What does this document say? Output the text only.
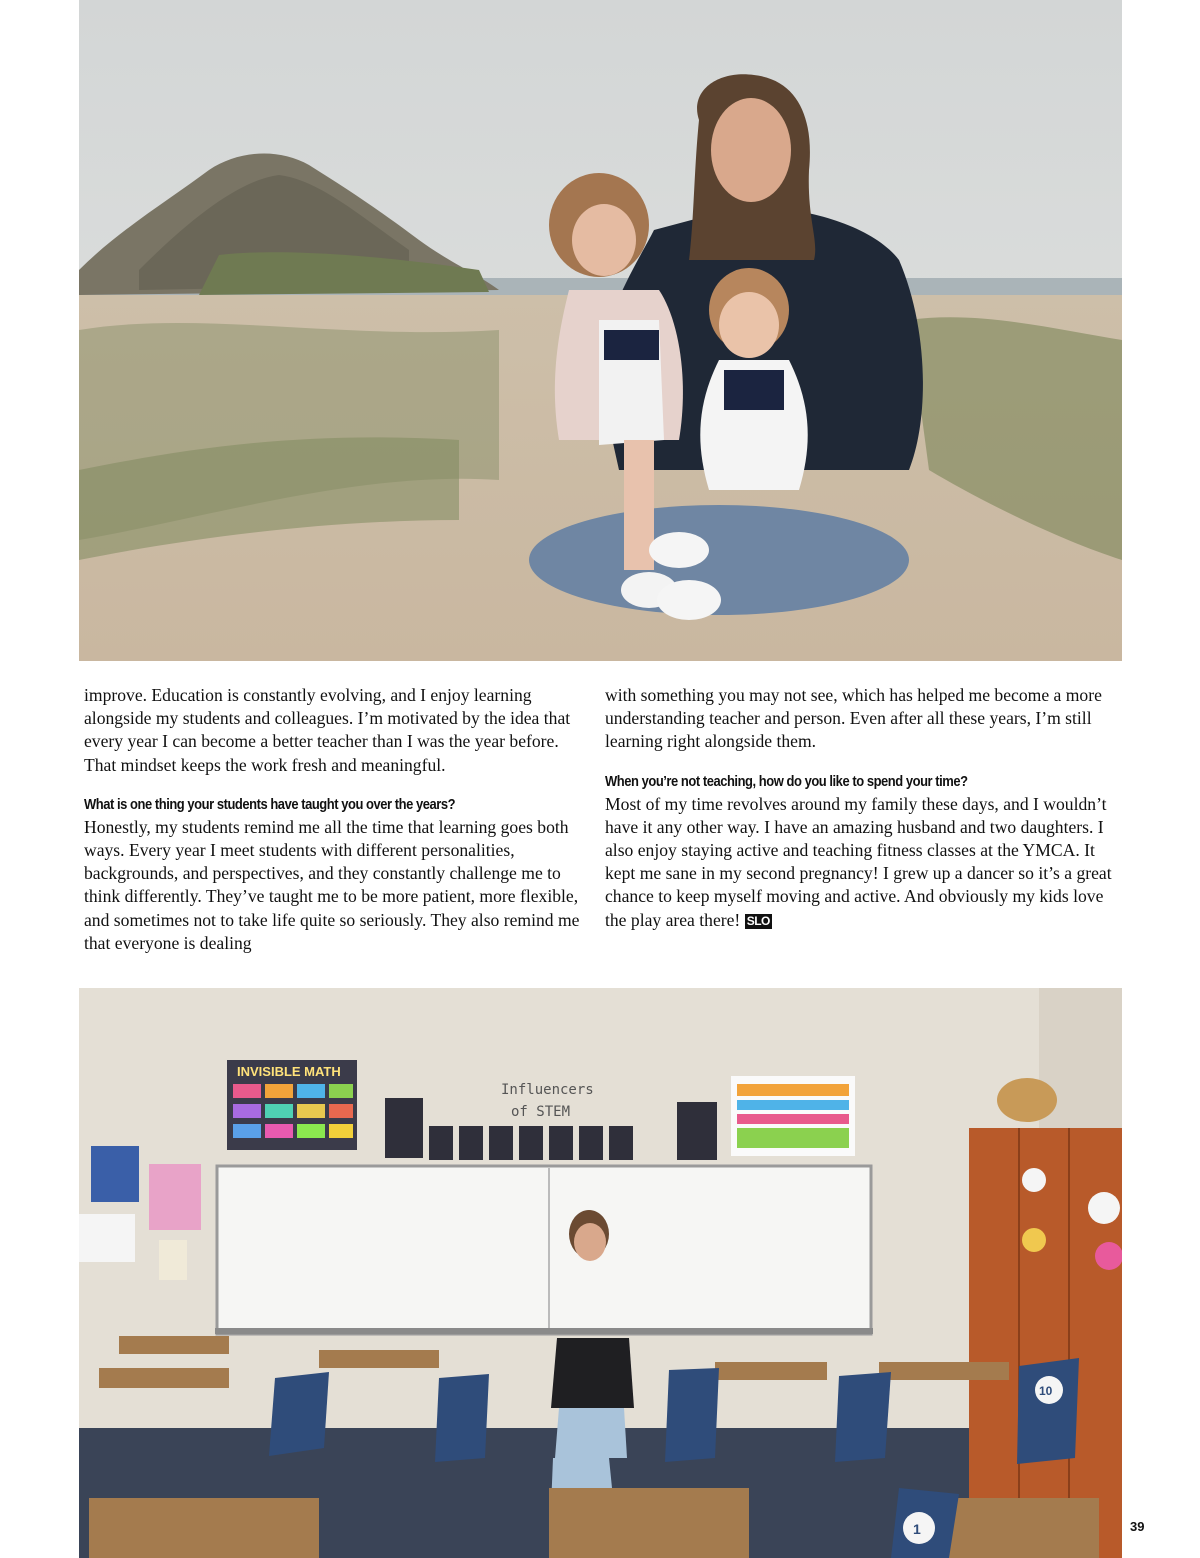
improve. Education is constantly evolving, and I enjoy learning alongside my students and colleagues. I’m motivated by the idea that every year I can become a better teacher than I was the year before. That mindset keeps the work fresh and meaningful.

What is one thing your students have taught you over the years?

Honestly, my students remind me all the time that learning goes both ways. Every year I meet students with different personalities, backgrounds, and perspectives, and they constantly challenge me to think differently. They’ve taught me to be more patient, more flexible, and sometimes not to take life quite so seriously. They also remind me that everyone is dealing

with something you may not see, which has helped me become a more understanding teacher and person. Even after all these years, I’m still learning right alongside them.

When you’re not teaching, how do you like to spend your time?

Most of my time revolves around my family these days, and I wouldn’t have it any other way. I have an amazing husband and two daughters. I also enjoy staying active and teaching fitness classes at the YMCA. It kept me sane in my second pregnancy! I grew up a dancer so it’s a great chance to keep myself moving and active. And obviously my kids love the play area there! SLO

INVISIBLE MATH
Influencers
of STEM
10
1	39
